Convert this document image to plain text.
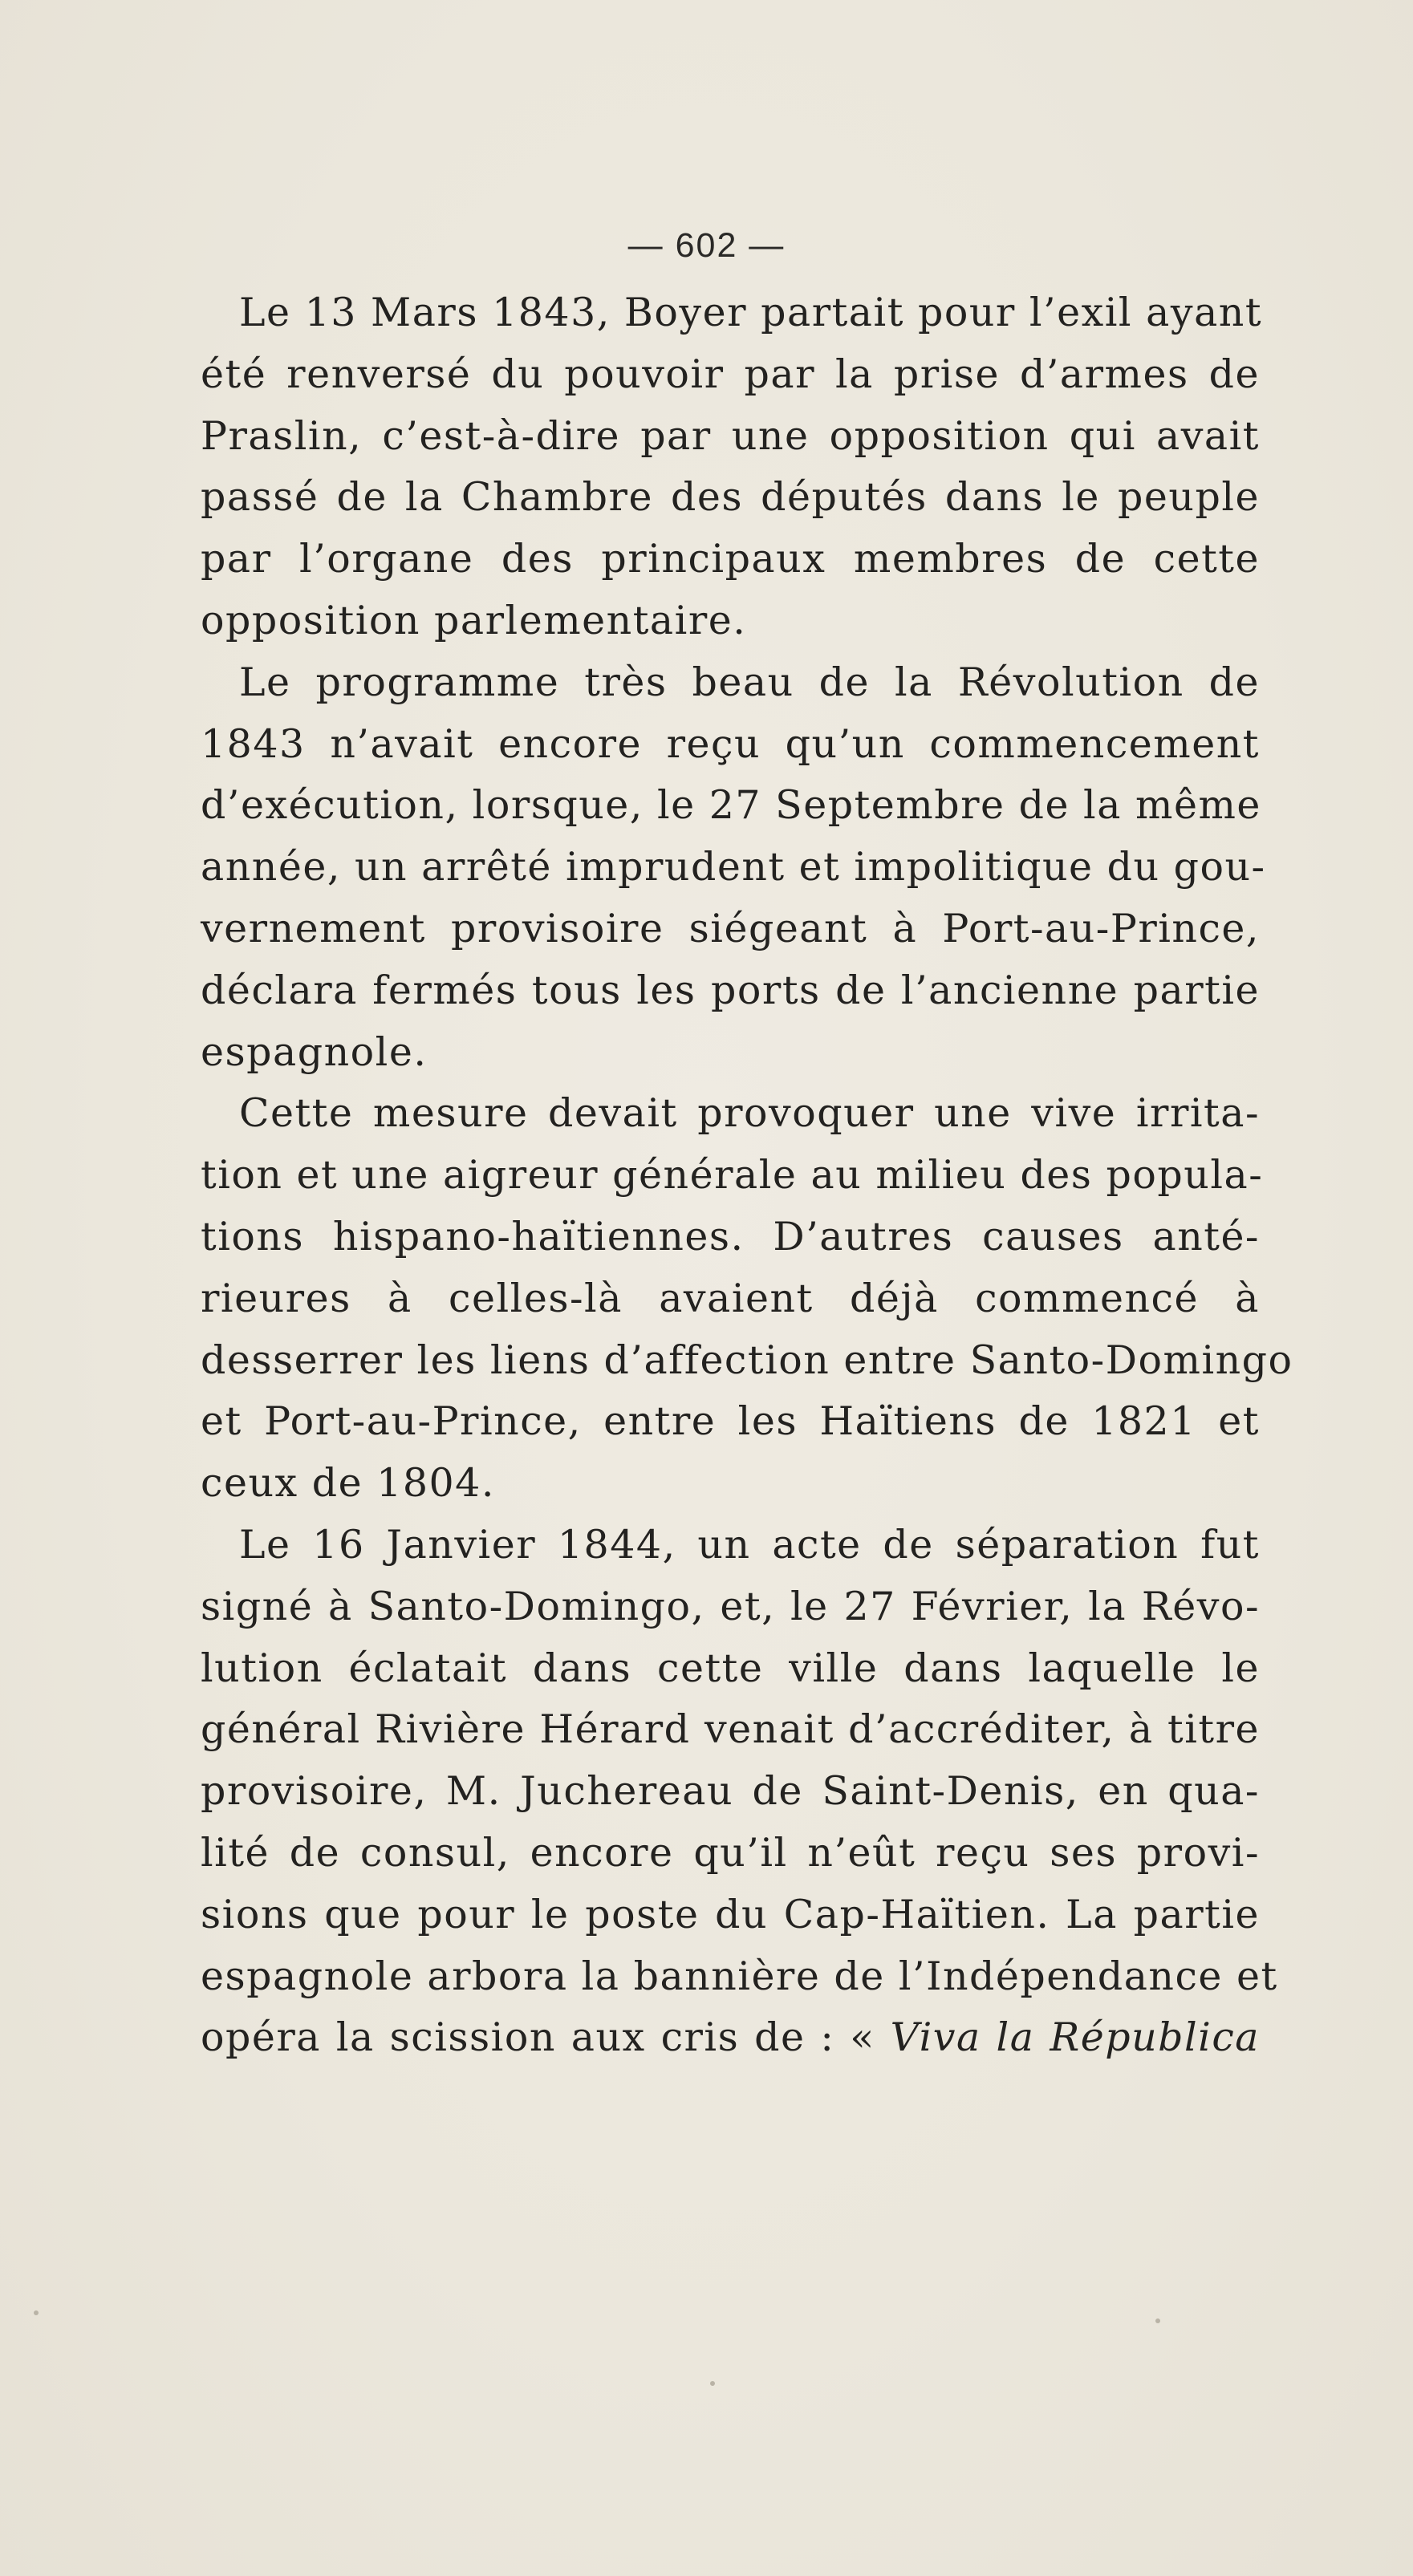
— 602 —
Le 13 Mars 1843, Boyer partait pour l’exil ayant
été renversé du pouvoir par la prise d’armes de
Praslin, c’est-à-dire par une opposition qui avait
passé de la Chambre des députés dans le peuple
par l’organe des principaux membres de cette
opposition parlementaire.
Le programme très beau de la Révolution de
1843 n’avait encore reçu qu’un commencement
d’exécution, lorsque, le 27 Septembre de la même
année, un arrêté imprudent et impolitique du gou-
vernement provisoire siégeant à Port-au-Prince,
déclara fermés tous les ports de l’ancienne partie
espagnole.
Cette mesure devait provoquer une vive irrita-
tion et une aigreur générale au milieu des popula-
tions hispano-haïtiennes. D’autres causes anté-
rieures à celles-là avaient déjà commencé à
desserrer les liens d’affection entre Santo-Domingo
et Port-au-Prince, entre les Haïtiens de 1821 et
ceux de 1804.
Le 16 Janvier 1844, un acte de séparation fut
signé à Santo-Domingo, et, le 27 Février, la Révo-
lution éclatait dans cette ville dans laquelle le
général Rivière Hérard venait d’accréditer, à titre
provisoire, M. Juchereau de Saint-Denis, en qua-
lité de consul, encore qu’il n’eût reçu ses provi-
sions que pour le poste du Cap-Haïtien. La partie
espagnole arbora la bannière de l’Indépendance et
opéra la scission aux cris de : « Viva la Républica
